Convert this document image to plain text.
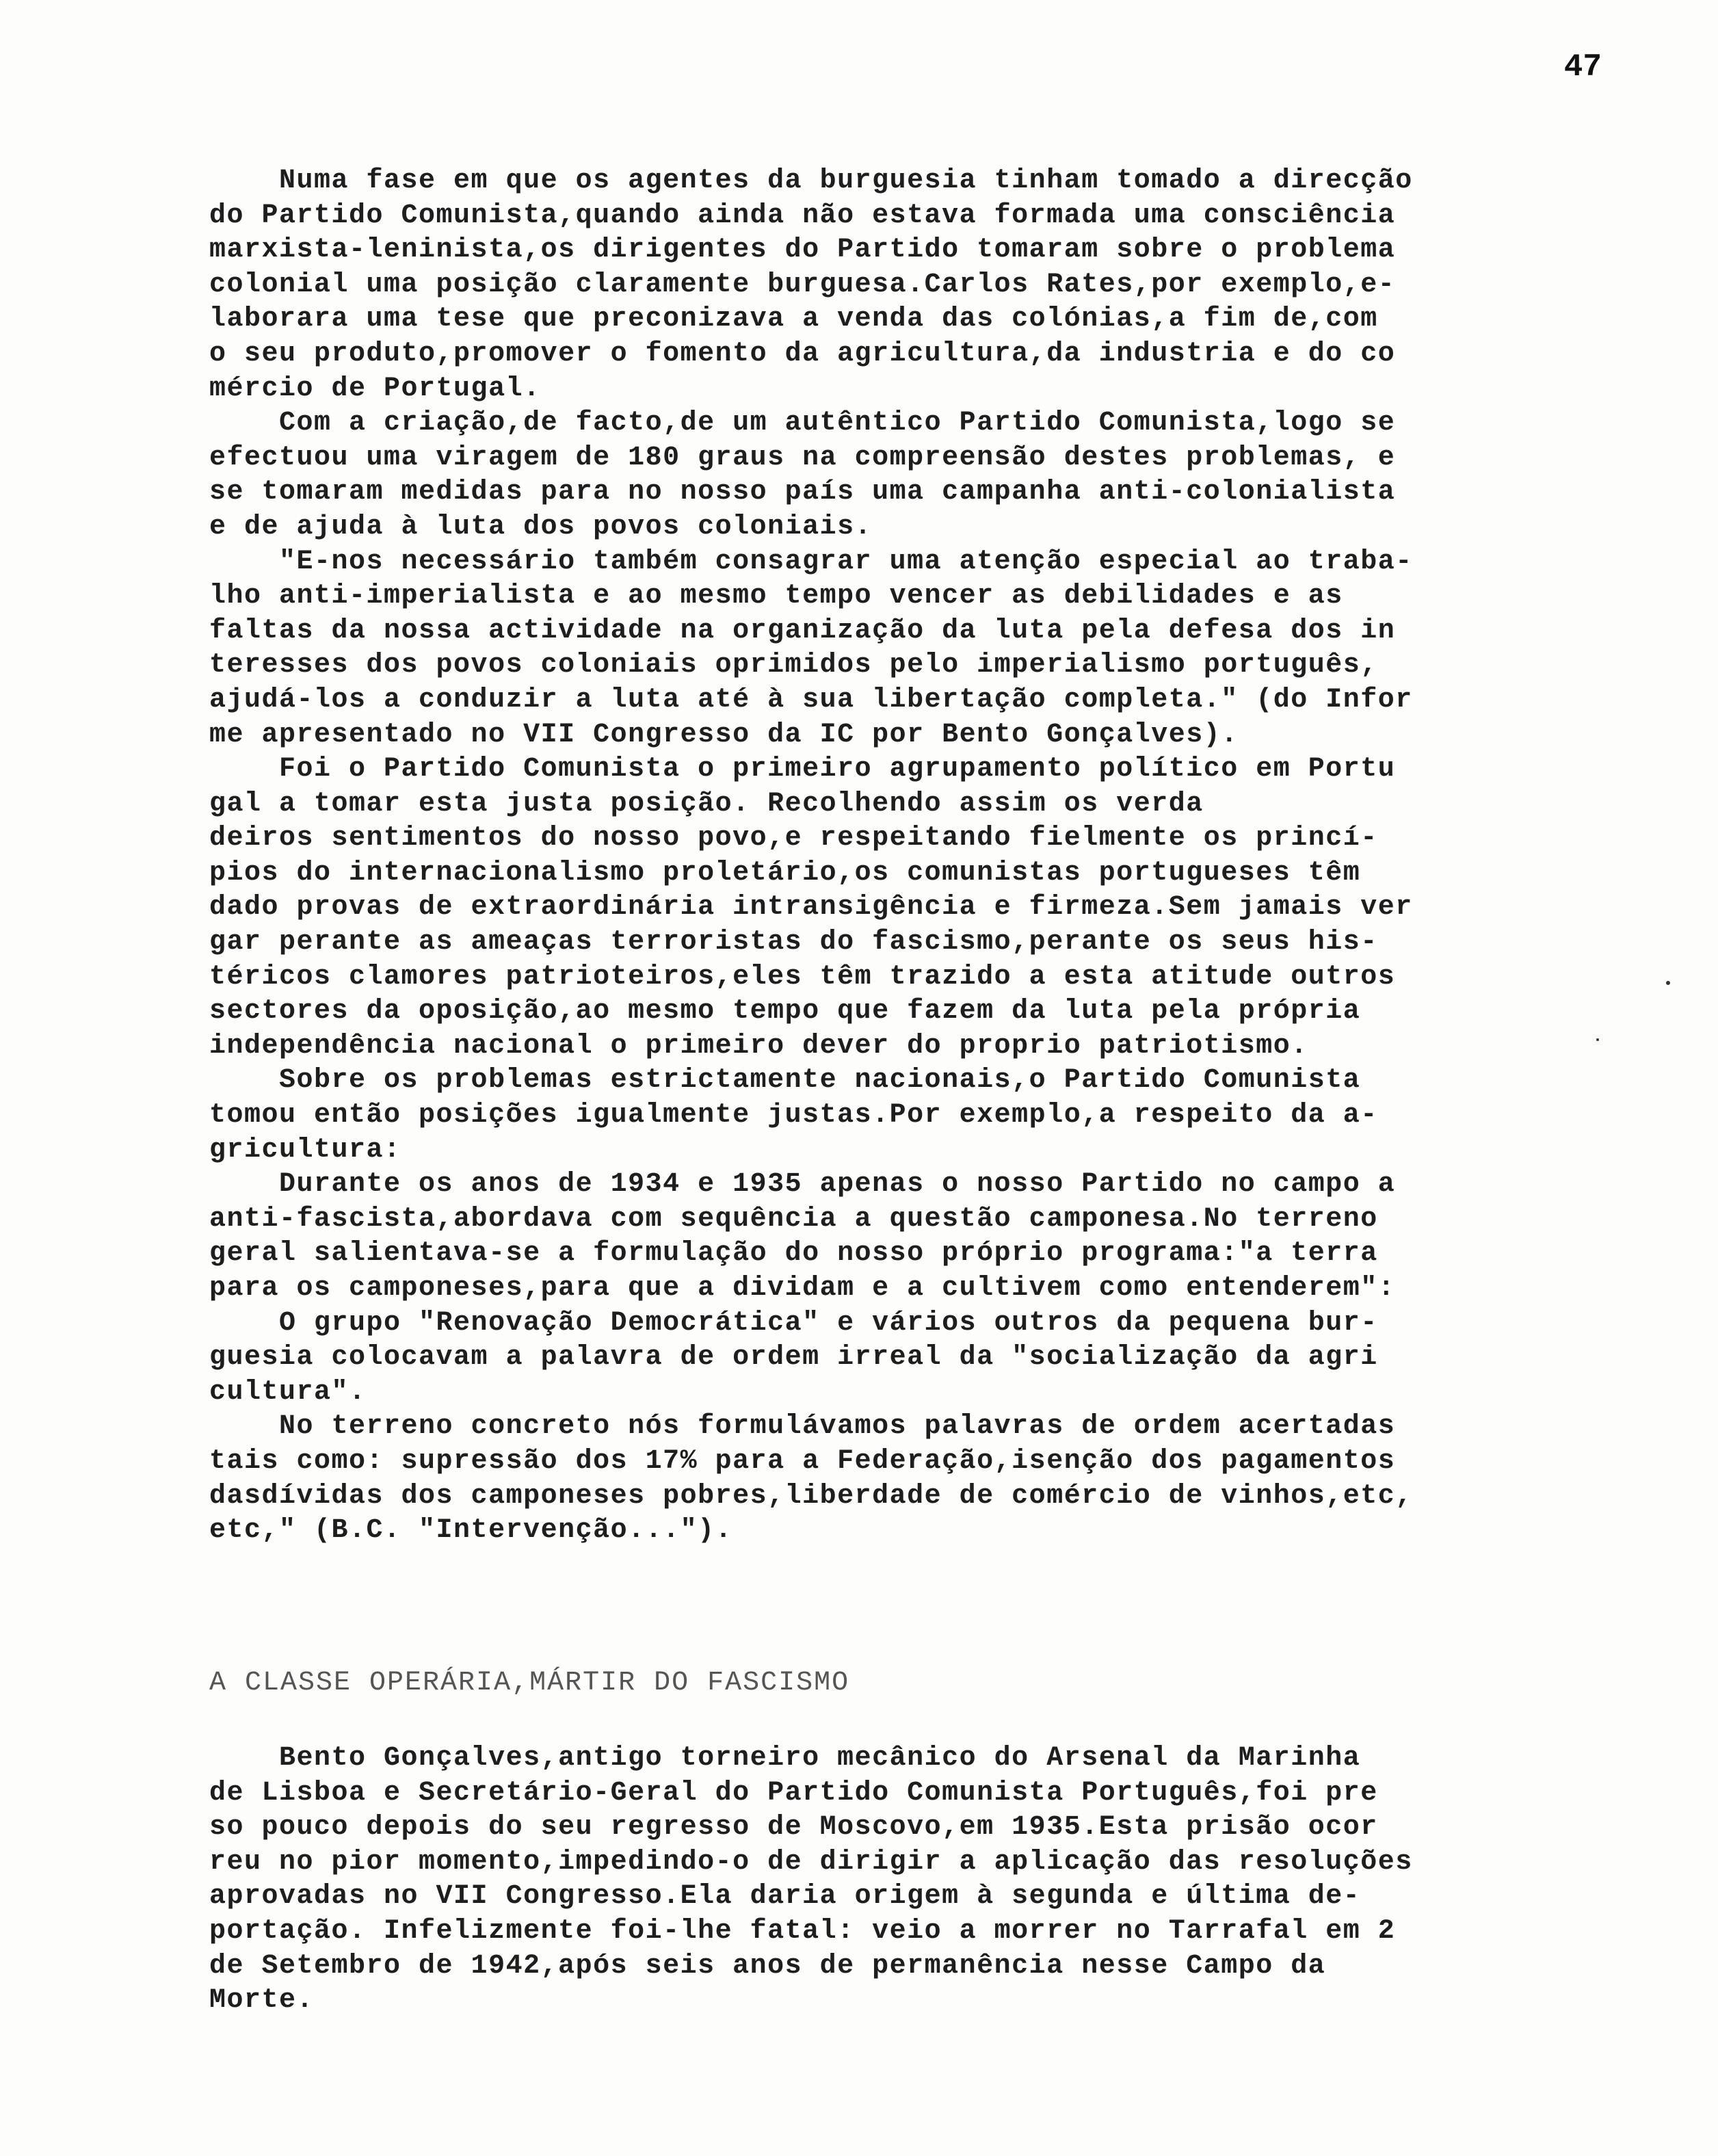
47

Numa fase em que os agentes da burguesia tinham tomado a direcção
do Partido Comunista,quando ainda não estava formada uma consciência
marxista-leninista,os dirigentes do Partido tomaram sobre o problema
colonial uma posição claramente burguesa.Carlos Rates,por exemplo,e-
laborara uma tese que preconizava a venda das colónias,a fim de,com
o seu produto,promover o fomento da agricultura,da industria e do co
mércio de Portugal.

Com a criação,de facto,de um autêntico Partido Comunista,logo se
efectuou uma viragem de 180 graus na compreensão destes problemas, e
se tomaram medidas para no nosso país uma campanha anti-colonialista
e de ajuda à luta dos povos coloniais.

"E-nos necessário também consagrar uma atenção especial ao traba-
lho anti-imperialista e ao mesmo tempo vencer as debilidades e as
faltas da nossa actividade na organização da luta pela defesa dos in
teresses dos povos coloniais oprimidos pelo imperialismo português,
ajudá-los a conduzir a luta até à sua libertação completa." (do Infor
me apresentado no VII Congresso da IC por Bento Gonçalves).

Foi o Partido Comunista o primeiro agrupamento político em Portu
gal a tomar esta justa posição. Recolhendo assim os verda
deiros sentimentos do nosso povo,e respeitando fielmente os princí-
pios do internacionalismo proletário,os comunistas portugueses têm
dado provas de extraordinária intransigência e firmeza.Sem jamais ver
gar perante as ameaças terroristas do fascismo,perante os seus his-
téricos clamores patrioteiros,eles têm trazido a esta atitude outros
sectores da oposição,ao mesmo tempo que fazem da luta pela própria
independência nacional o primeiro dever do proprio patriotismo.

Sobre os problemas estrictamente nacionais,o Partido Comunista
tomou então posições igualmente justas.Por exemplo,a respeito da a-
gricultura:

Durante os anos de 1934 e 1935 apenas o nosso Partido no campo a
anti-fascista,abordava com sequência a questão camponesa.No terreno
geral salientava-se a formulação do nosso próprio programa:"a terra
para os camponeses,para que a dividam e a cultivem como entenderem":
O grupo "Renovação Democrática" e vários outros da pequena bur-
guesia colocavam a palavra de ordem irreal da "socialização da agri
cultura".

No terreno concreto nós formulávamos palavras de ordem acertadas
tais como: supressão dos 17% para a Federação,isenção dos pagamentos
dasdívidas dos camponeses pobres,liberdade de comércio de vinhos,etc,
etc," (B.C. "Intervenção...").

A CLASSE OPERÁRIA,MÁRTIR DO FASCISMO

Bento Gonçalves,antigo torneiro mecânico do Arsenal da Marinha
de Lisboa e Secretário-Geral do Partido Comunista Português,foi pre
so pouco depois do seu regresso de Moscovo,em 1935.Esta prisão ocor
reu no pior momento,impedindo-o de dirigir a aplicação das resoluções
aprovadas no VII Congresso.Ela daria origem à segunda e última de-
portação. Infelizmente foi-lhe fatal: veio a morrer no Tarrafal em 2
de Setembro de 1942,após seis anos de permanência nesse Campo da
Morte.
